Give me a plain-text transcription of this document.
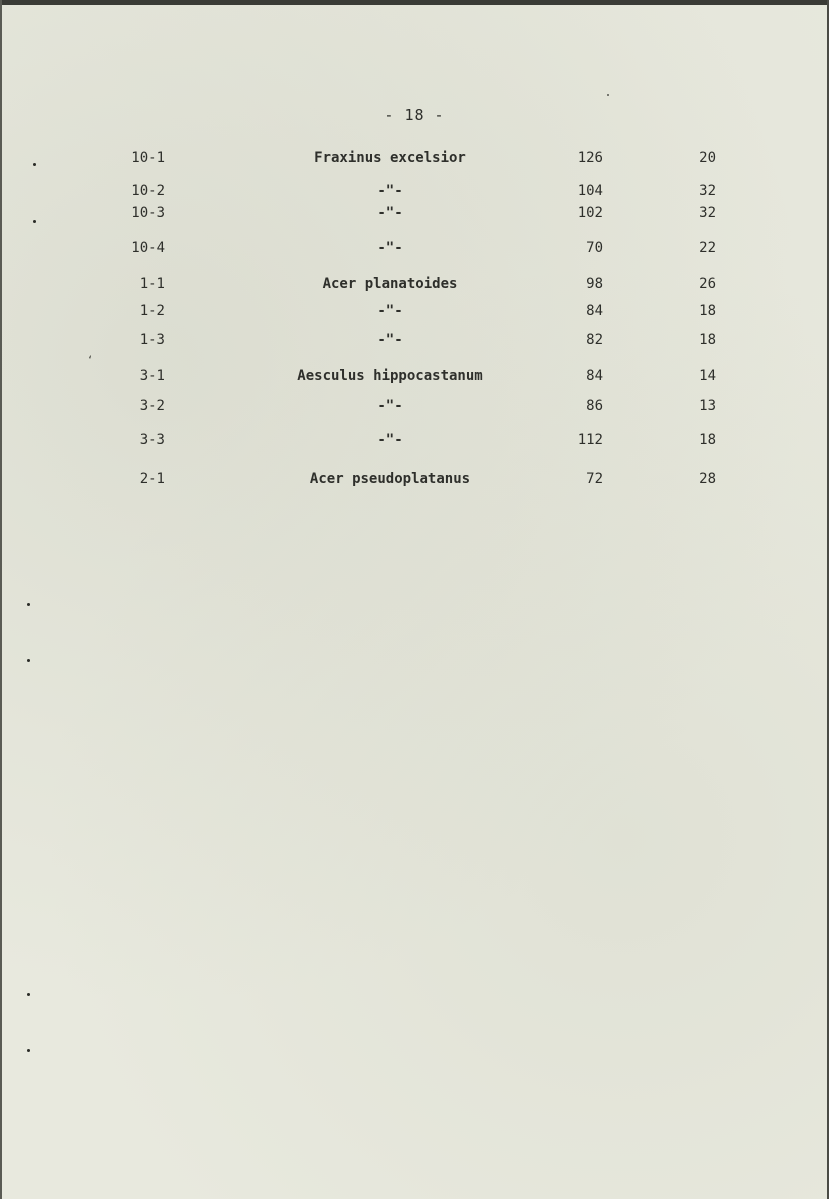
- 18 -
10-1	Fraxinus excelsior	126	20
10-2	-"-	104	32
10-3	-"-	102	32
10-4	-"-	70	22
1-1	Acer planatoides	98	26
1-2	-"-	84	18
1-3	-"-	82	18
3-1	Aesculus hippocastanum	84	14
3-2	-"-	86	13
3-3	-"-	112	18
2-1	Acer pseudoplatanus	72	28
‘
